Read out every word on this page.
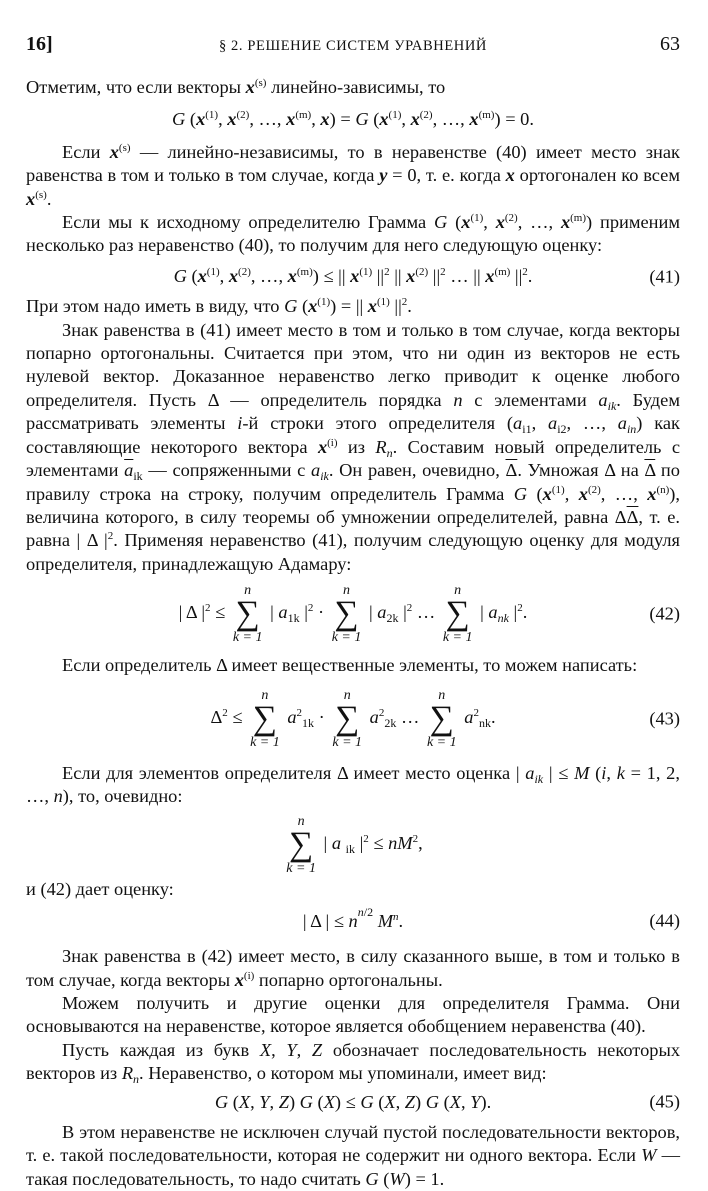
16]	§ 2. РЕШЕНИЕ СИСТЕМ УРАВНЕНИЙ	63

Отметим, что если векторы $x^{(s)}$ линейно-зависимы, то

G ($x^{(1)}$, $x^{(2)}$, …, $x^{(m)}$, x) = G ($x^{(1)}$, $x^{(2)}$, …, $x^{(m)}) = 0$.

Если $x^{(s)}$ — линейно-независимы, то в неравенстве (40) имеет место знак равенства в том и только в том случае, когда y = 0, т. е. когда x ортогонален ко всем $x^{(s)}$.

Если мы к исходному определителю Грамма G ($x^{(1)}$, $x^{(2)}$, …, $x^{(m)}$) применим несколько раз неравенство (40), то получим для него следующую оценку:

G ($x^{(1)}$, $x^{(2)}$, …, $x^{(m)}$) ≤ || $x^{(1)}$ $||^2$ || $x^{(2)}$ $||^2$ … || $x^{(m)}$ $||^2$.	(41)

При этом надо иметь в виду, что G $(x^{(1)})$ = || $x^{(1)}$ $||^2$.

Знак равенства в (41) имеет место в том и только в том случае, когда векторы попарно ортогональны. Считается при этом, что ни один из векторов не есть нулевой вектор. Доказанное неравенство легко приводит к оценке любого определителя. Пусть Δ — определитель порядка n с элементами $a_{ik}$. Будем рассматривать элементы i-й строки этого определителя ($a_{i1}$, $a_{i2}$, …, $a_{in}$) как составляющие некоторого вектора $x^{(i)}$ из $R_n$. Составим новый определитель с элементами $\overline{a}_{ik}$ — сопряженными с $a_{ik}$. Он равен, очевидно, $\overline{\Delta}$. Умножая Δ на $\overline{\Delta}$ по правилу строка на строку, получим определитель Грамма G ($x^{(1)}$, $x^{(2)}$, …, $x^{(n)}$), величина которого, в силу теоремы об умножении определителей, равна $\Delta\overline{\Delta}$, т. е. равна | Δ $|^2$. Применяя неравенство (41), получим следующую оценку для модуля определителя, принадлежащую Адамару:

| Δ $|^2$ ≤
n
∑
k = 1
| $a_{1k}$ $|^2$ ·
n
∑
k = 1
| $a_{2k}$ $|^2$ …
n
∑
k = 1
| $a_{nk}$ $|^2$.	(42)

Если определитель Δ имеет вещественные элементы, то можем написать:

$\Delta^2$ ≤
n
∑
k = 1
$a^2_{1k}$ ·
n
∑
k = 1
$a^2_{2k}$ …
n
∑
k = 1
$a^2_{nk}$.	(43)

Если для элементов определителя Δ имеет место оценка | $a_{ik}$ | ≤ M (i, k = 1, 2, …, n), то, очевидно:

n
∑
k = 1
| a $_{ik}$ $|^2 \le nM^2$,

и (42) дает оценку:

| Δ | ≤ $n^{n/2}$ $M^n$.	(44)

Знак равенства в (42) имеет место, в силу сказанного выше, в том и только в том случае, когда векторы $x^{(i)}$ попарно ортогональны.

Можем получить и другие оценки для определителя Грамма. Они основываются на неравенстве, которое является обобщением неравенства (40).

Пусть каждая из букв X, Y, Z обозначает последовательность некоторых векторов из $R_n$. Неравенство, о котором мы упоминали, имеет вид:

G (X, Y, Z) G (X) ≤ G (X, Z) G (X, Y).	(45)

В этом неравенстве не исключен случай пустой последовательности векторов, т. е. такой последовательности, которая не содержит ни одного вектора. Если W — такая последовательность, то надо считать G (W) = 1.
